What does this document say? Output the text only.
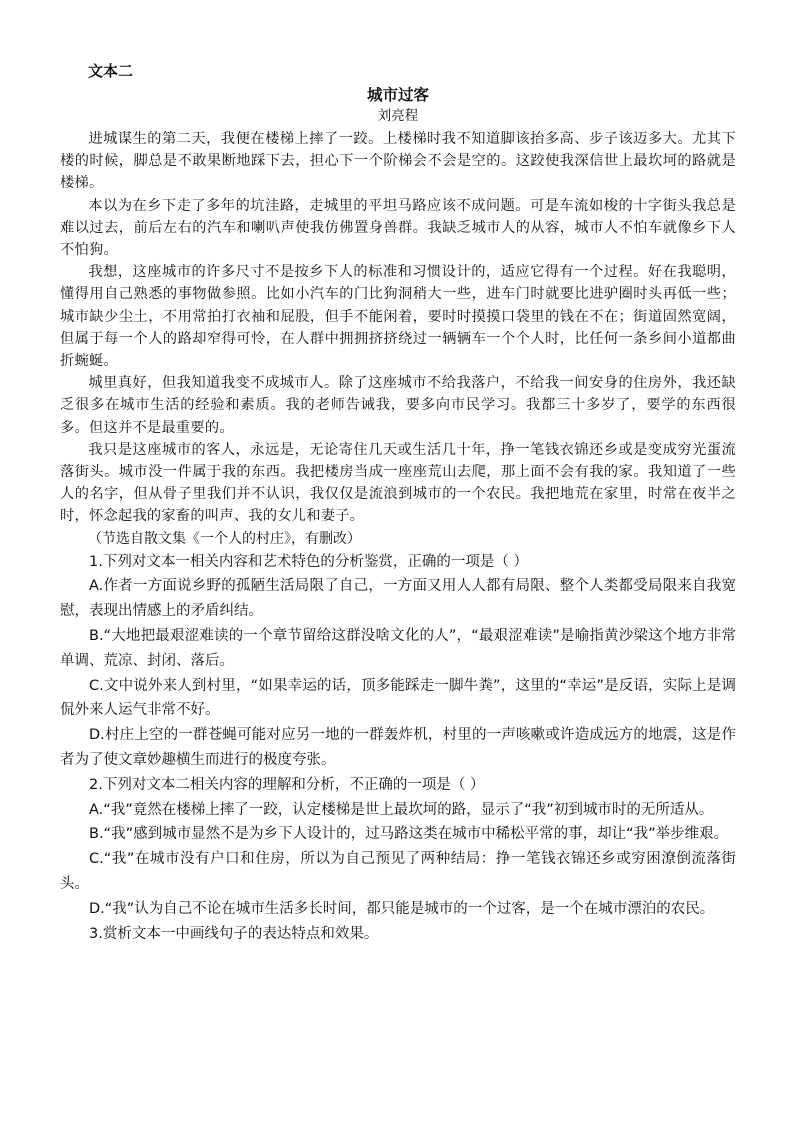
文本二
城市过客
刘亮程

进城谋生的第二天，我便在楼梯上摔了一跤。上楼梯时我不知道脚该抬多高、步子该迈多大。尤其下楼的时候，脚总是不敢果断地踩下去，担心下一个阶梯会不会是空的。这跤使我深信世上最坎坷的路就是楼梯。

本以为在乡下走了多年的坑洼路，走城里的平坦马路应该不成问题。可是车流如梭的十字街头我总是难以过去，前后左右的汽车和喇叭声使我仿佛置身兽群。我缺乏城市人的从容，城市人不怕车就像乡下人不怕狗。

我想，这座城市的许多尺寸不是按乡下人的标准和习惯设计的，适应它得有一个过程。好在我聪明，懂得用自己熟悉的事物做参照。比如小汽车的门比狗洞稍大一些，进车门时就要比进驴圈时头再低一些；城市缺少尘土，不用常拍打衣袖和屁股，但手不能闲着，要时时摸摸口袋里的钱在不在；街道固然宽阔，但属于每一个人的路却窄得可怜，在人群中拥拥挤挤绕过一辆辆车一个个人时，比任何一条乡间小道都曲折蜿蜒。

城里真好，但我知道我变不成城市人。除了这座城市不给我落户，不给我一间安身的住房外，我还缺乏很多在城市生活的经验和素质。我的老师告诫我，要多向市民学习。我都三十多岁了，要学的东西很多。但这并不是最重要的。

我只是这座城市的客人，永远是，无论寄住几天或生活几十年，挣一笔钱衣锦还乡或是变成穷光蛋流落街头。城市没一件属于我的东西。我把楼房当成一座座荒山去爬，那上面不会有我的家。我知道了一些人的名字，但从骨子里我们并不认识，我仅仅是流浪到城市的一个农民。我把地荒在家里，时常在夜半之时，怀念起我的家畜的叫声、我的女儿和妻子。

（节选自散文集《一个人的村庄》，有删改）

1.下列对文本一相关内容和艺术特色的分析鉴赏，正确的一项是（ ）

A.作者一方面说乡野的孤陋生活局限了自己，一方面又用人人都有局限、整个人类都受局限来自我宽慰，表现出情感上的矛盾纠结。

B.“大地把最艰涩难读的一个章节留给这群没啥文化的人”，“最艰涩难读”是喻指黄沙梁这个地方非常单调、荒凉、封闭、落后。

C.文中说外来人到村里，“如果幸运的话，顶多能踩走一脚牛粪”，这里的“幸运”是反语，实际上是调侃外来人运气非常不好。

D.村庄上空的一群苍蝇可能对应另一地的一群轰炸机，村里的一声咳嗽或许造成远方的地震，这是作者为了使文章妙趣横生而进行的极度夸张。

2.下列对文本二相关内容的理解和分析，不正确的一项是（ ）

A.“我”竟然在楼梯上摔了一跤，认定楼梯是世上最坎坷的路，显示了“我”初到城市时的无所适从。

B.“我”感到城市显然不是为乡下人设计的，过马路这类在城市中稀松平常的事，却让“我”举步维艰。

C.“我”在城市没有户口和住房，所以为自己预见了两种结局：挣一笔钱衣锦还乡或穷困潦倒流落街头。

D.“我”认为自己不论在城市生活多长时间，都只能是城市的一个过客，是一个在城市漂泊的农民。

3.赏析文本一中画线句子的表达特点和效果。
